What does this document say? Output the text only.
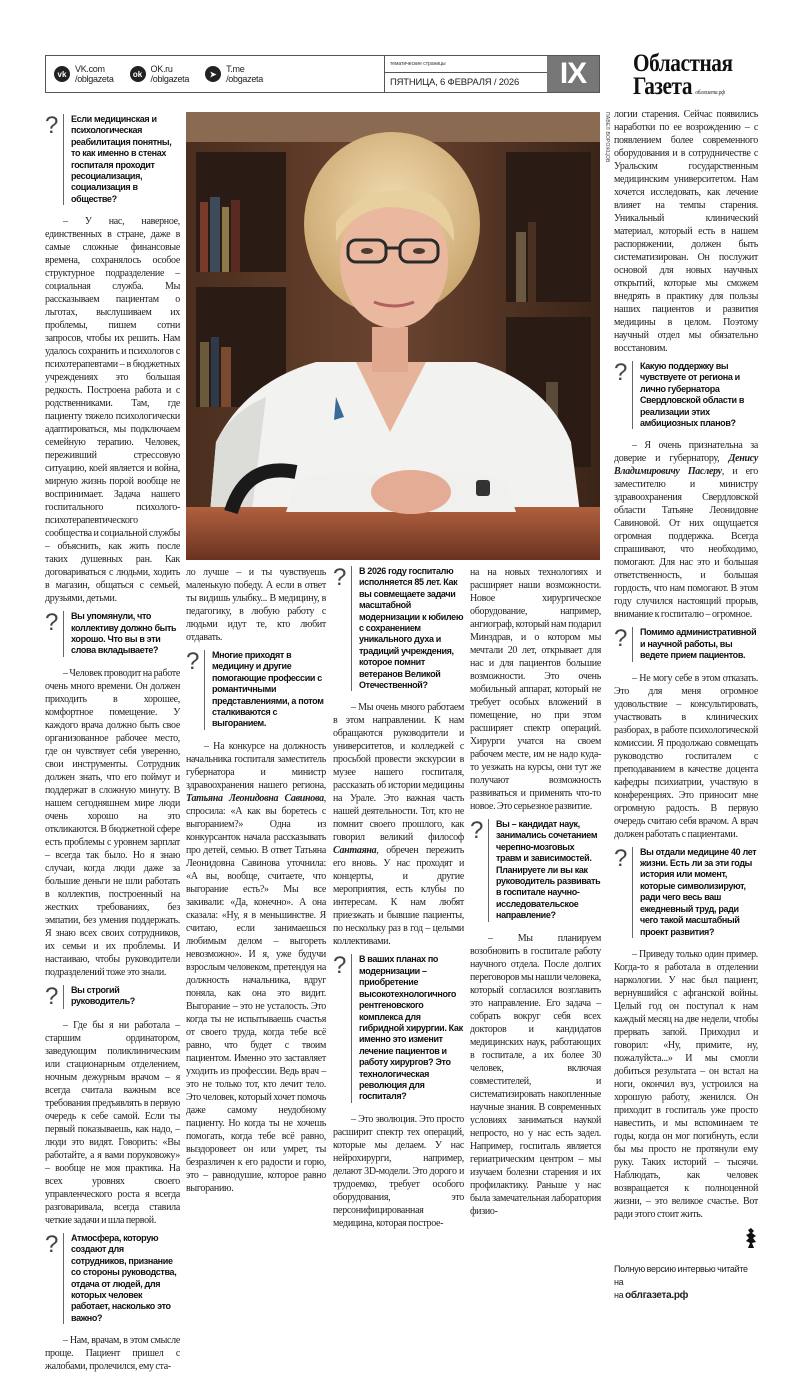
vk VK.com
/oblgazeta	ok OK.ru
/oblgazeta	➤	T.me
/obgazeta
тематические страницы
ПЯТНИЦА, 6 ФЕВРАЛЯ / 2026	IX	Областная
Газета облгазета.рф
?
Если медицинская и психологическая реабилитация понятны, то как именно в стенах госпиталя проходит ресоциализация, социализация в обществе?

– У нас, наверное, единственных в стране, даже в самые сложные финансовые времена, сохранялось особое структурное подразделение – социальная служба. Мы рассказываем пациентам о льготах, выслушиваем их проблемы, пишем сотни запросов, чтобы их решить. Нам удалось сохранить и психологов с психотерапевтами – в бюджетных учреждениях это большая редкость. Построена работа и с родственниками. Там, где пациенту тяжело психологически адаптироваться, мы подключаем семейную терапию. Человек, переживший стрессовую ситуацию, коей является и война, мирную жизнь порой вообще не воспринимает. Задача нашего госпитального психолого-психотерапевтического сообщества и социальной службы – объяснить, как жить после таких душевных ран. Как договариваться с людьми, ходить в магазин, общаться с семьей, друзьями, детьми.

?
Вы упомянули, что коллективу должно быть хорошо. Что вы в эти слова вкладываете?

– Человек проводит на работе очень много времени. Он должен приходить в хорошее, комфортное помещение. У каждого врача должно быть свое организованное рабочее место, где он чувствует себя уверенно, свои инструменты. Сотрудник должен знать, что его поймут и поддержат в сложную минуту. В нашем сегодняшнем мире люди очень хорошо на это откликаются. В бюджетной сфере есть проблемы с уровнем зарплат – всегда так было. Но я знаю случаи, когда люди даже за большие деньги не шли работать в коллектив, построенный на жестких требованиях, без эмпатии, без умения поддержать. Я знаю всех своих сотрудников, их семьи и их проблемы. И настаиваю, чтобы руководители подразделений тоже это знали.

?
Вы строгий руководитель?

– Где бы я ни работала – старшим ординатором, заведующим поликлиническим или стационарным отделением, ночным дежурным врачом – я всегда считала важным все требования предъявлять в первую очередь к себе самой. Если ты первый показываешь, как надо, – люди это видят. Говорить: «Вы работайте, а я вами поруковожу» – вообще не моя практика. На всех уровнях своего управленческого роста я всегда разговаривала, всегда ставила четкие задачи и шла первой.

?
Атмосфера, которую создают для сотрудников, признание со стороны руководства, отдача от людей, для которых человек работает, насколько это важно?

– Нам, врачам, в этом смысле проще. Пациент пришел с жалобами, пролечился, ему ста-

ПАВЕЛ ВОРОЖЦОВ

ло лучше – и ты чувствуешь маленькую победу. А если в ответ ты видишь улыбку... В медицину, в педагогику, в любую работу с людьми идут те, кто любит отдавать.

?
Многие приходят в медицину и другие помогающие профессии с романтичными представлениями, а потом сталкиваются с выгоранием.

– На конкурсе на должность начальника госпиталя заместитель губернатора и министр здравоохранения нашего региона, Татьяна Леонидовна Савинова, спросила: «А как вы боретесь с выгоранием?» Одна из конкурсанток начала рассказывать про детей, семью. В ответ Татьяна Леонидовна Савинова уточнила: «А вы, вообще, считаете, что выгорание есть?» Мы все закивали: «Да, конечно». А она сказала: «Ну, я в меньшинстве. Я считаю, если занимаешься любимым делом – выгореть невозможно». И я, уже будучи взрослым человеком, претендуя на должность начальника, вдруг поняла, как она это видит. Выгорание – это не усталость. Это когда ты не испытываешь счастья от своего труда, когда тебе всё равно, что будет с твоим пациентом. Именно это заставляет уходить из профессии. Ведь врач – это не только тот, кто лечит тело. Это человек, который хочет помочь даже самому неудобному пациенту. Но когда ты не хочешь помогать, когда тебе всё равно, выздоровеет он или умрет, ты безразличен к его радости и горю, это – равнодушие, которое равно выгоранию.

?
В 2026 году госпиталю исполняется 85 лет. Как вы совмещаете задачи масштабной модернизации к юбилею с сохранением уникального духа и традиций учреждения, которое помнит ветеранов Великой Отечественной?

– Мы очень много работаем в этом направлении. К нам обращаются руководители и университетов, и колледжей с просьбой провести экскурсии в музее нашего госпиталя, рассказать об истории медицины на Урале. Это важная часть нашей деятельности. Тот, кто не помнит своего прошлого, как говорил великий философ Сантаяна, обречен пережить его вновь. У нас проходят и концерты, и другие мероприятия, есть клубы по интересам. К нам любят приезжать и бывшие пациенты, по нескольку раз в год – целыми коллективами.

?
В ваших планах по модернизации – приобретение высокотехнологичного рентгеновского комплекса для гибридной хирургии. Как именно это изменит лечение пациентов и работу хирургов? Это технологическая революция для госпиталя?

– Это эволюция. Это просто расширит спектр тех операций, которые мы делаем. У нас нейрохирурги, например, делают 3D-модели. Это дорого и трудоемко, требует особого оборудования, это персонифицированная медицина, которая построе-

на на новых технологиях и расширяет наши возможности. Новое хирургическое оборудование, например, ангиограф, который нам подарил Минздрав, и о котором мы мечтали 20 лет, открывает для нас и для пациентов большие возможности. Это очень мобильный аппарат, который не требует особых вложений в помещение, но при этом расширяет спектр операций. Хирурги учатся на своем рабочем месте, им не надо куда-то уезжать на курсы, они тут же получают возможность развиваться и применять что-то новое. Это серьезное развитие.

?
Вы – кандидат наук, занимались сочетанием черепно-мозговых травм и зависимостей. Планируете ли вы как руководитель развивать в госпитале научно-исследовательское направление?

– Мы планируем возобновить в госпитале работу научного отдела. После долгих переговоров мы нашли человека, который согласился возглавить это направление. Его задача – собрать вокруг себя всех докторов и кандидатов медицинских наук, работающих в госпитале, а их более 30 человек, включая совместителей, и систематизировать накопленные научные знания. В современных условиях заниматься наукой непросто, но у нас есть задел. Например, госпиталь является гериатрическим центром – мы изучаем болезни старения и их профилактику. Раньше у нас была замечательная лаборатория физио-

логии старения. Сейчас появились наработки по ее возрождению – с появлением более современного оборудования и в сотрудничестве с Уральским государственным медицинским университетом. Нам хочется исследовать, как лечение влияет на темпы старения. Уникальный клинический материал, который есть в нашем распоряжении, должен быть систематизирован. Он послужит основой для новых научных открытий, которые мы сможем внедрять в практику для пользы наших пациентов и развития медицины в целом. Поэтому научный отдел мы обязательно восстановим.

?
Какую поддержку вы чувствуете от региона и лично губернатора Свердловской области в реализации этих амбициозных планов?

– Я очень признательна за доверие и губернатору, Денису Владимировичу Паслеру, и его заместителю и министру здравоохранения Свердловской области Татьяне Леонидовне Савиновой. От них ощущается огромная поддержка. Всегда спрашивают, что необходимо, помогают. Для нас это и большая ответственность, и большая гордость, что нам помогают. В этом году случился настоящий прорыв, внимание к госпиталю – огромное.

?
Помимо административной и научной работы, вы ведете прием пациентов.

– Не могу себе в этом отказать. Это для меня огромное удовольствие – консультировать, участвовать в клинических разборах, в работе психологической комиссии. Я продолжаю совмещать руководство госпиталем с преподаванием в качестве доцента кафедры психиатрии, участвую в конференциях. Это приносит мне огромную радость. В первую очередь считаю себя врачом. А врач должен работать с пациентами.

?
Вы отдали медицине 40 лет жизни. Есть ли за эти годы история или момент, которые символизируют, ради чего весь ваш ежедневный труд, ради чего такой масштабный проект развития?

– Приведу только один пример. Когда-то я работала в отделении наркологии. У нас был пациент, вернувшийся с афганской войны. Целый год он поступал к нам каждый месяц на две недели, чтобы прервать запой. Приходил и говорил: «Ну, примите, ну, пожалуйста...» И мы смогли добиться результата – он встал на ноги, окончил вуз, устроился на хорошую работу, женился. Он приходит в госпиталь уже просто навестить, и мы вспоминаем те годы, когда он мог погибнуть, если бы мы просто не протянули ему руку. Таких историй – тысячи. Наблюдать, как человек возвращается к полноценной жизни, – это великое счастье. Вот ради этого стоит жить.

Полную версию интервью читайте на
на облгазета.рф
